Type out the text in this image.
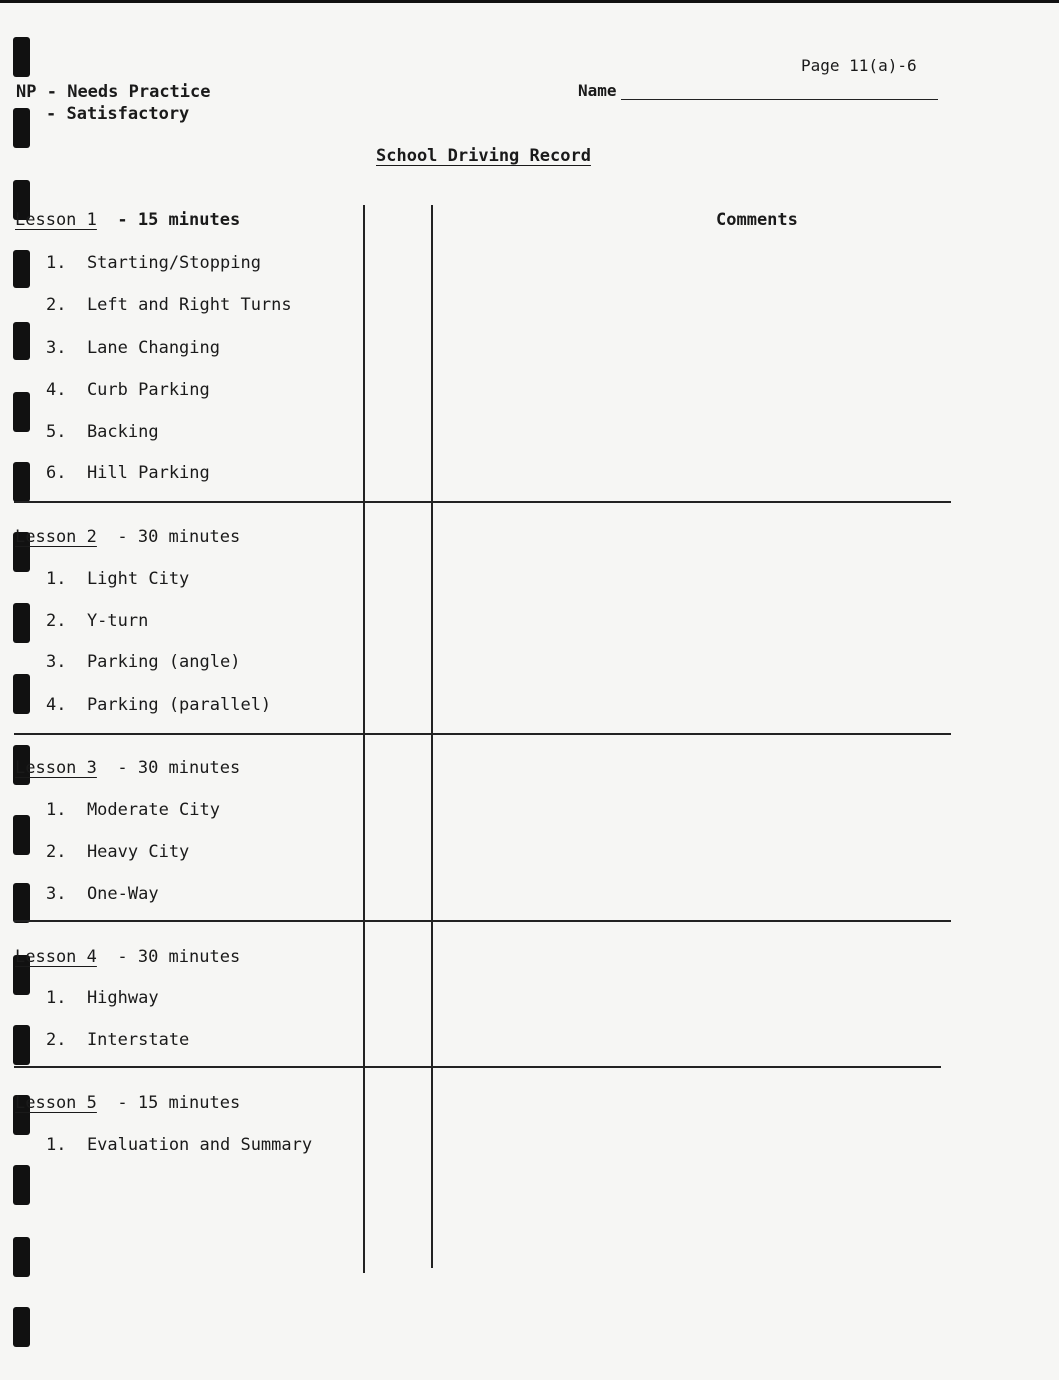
Page 11(a)-6
NP - Needs Practice
- Satisfactory
Name
School Driving Record
Comments
Lesson 1 - 15 minutes
1.  Starting/Stopping
2.  Left and Right Turns
3.  Lane Changing
4.  Curb Parking
5.  Backing
6.  Hill Parking
Lesson 2 - 30 minutes
1.  Light City
2.  Y-turn
3.  Parking (angle)
4.  Parking (parallel)
Lesson 3 - 30 minutes
1.  Moderate City
2.  Heavy City
3.  One-Way
Lesson 4 - 30 minutes
1.  Highway
2.  Interstate
Lesson 5 - 15 minutes
1.  Evaluation and Summary
